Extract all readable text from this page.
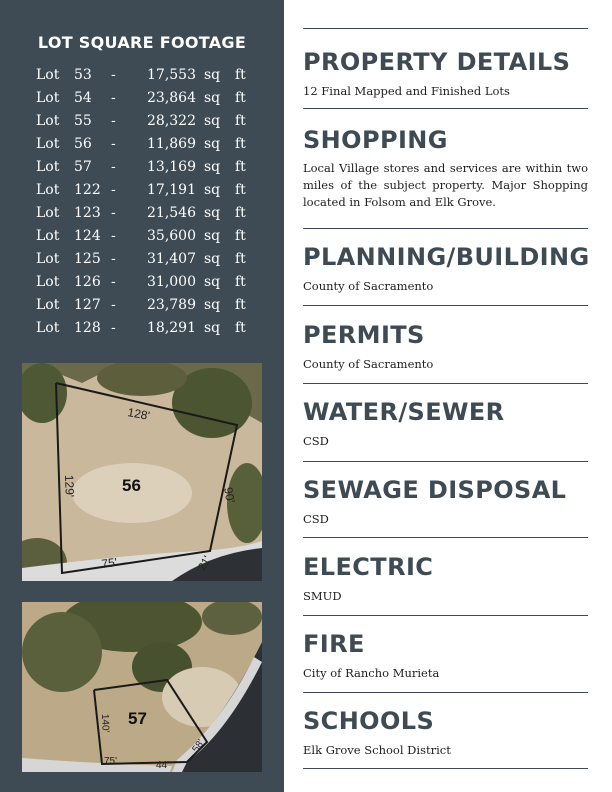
LOT SQUARE FOOTAGE
Lot 53 -	17,553 sq ft
Lot 54 -	23,864 sq ft
Lot 55 -	28,322 sq ft
Lot 56 -	11,869 sq ft
Lot 57 -	13,169 sq ft
Lot 122 -	17,191 sq ft
Lot 123 -	21,546 sq ft
Lot 124 -	35,600 sq ft
Lot 125 -	31,407 sq ft
Lot 126 -	31,000 sq ft
Lot 127 -	23,789 sq ft
Lot 128 -	18,291 sq ft
128'
90'
129'
75'	21'
56
140'
75'	44'
58'
57
PROPERTY DETAILS
12 Final Mapped and Finished Lots
SHOPPING
Local Village stores and services are within two miles of the subject property. Major Shopping located in Folsom and Elk Grove.
PLANNING/BUILDING
County of Sacramento
PERMITS
County of Sacramento
WATER/SEWER
CSD
SEWAGE DISPOSAL
CSD
ELECTRIC
SMUD
FIRE
City of Rancho Murieta
SCHOOLS
Elk Grove School District
